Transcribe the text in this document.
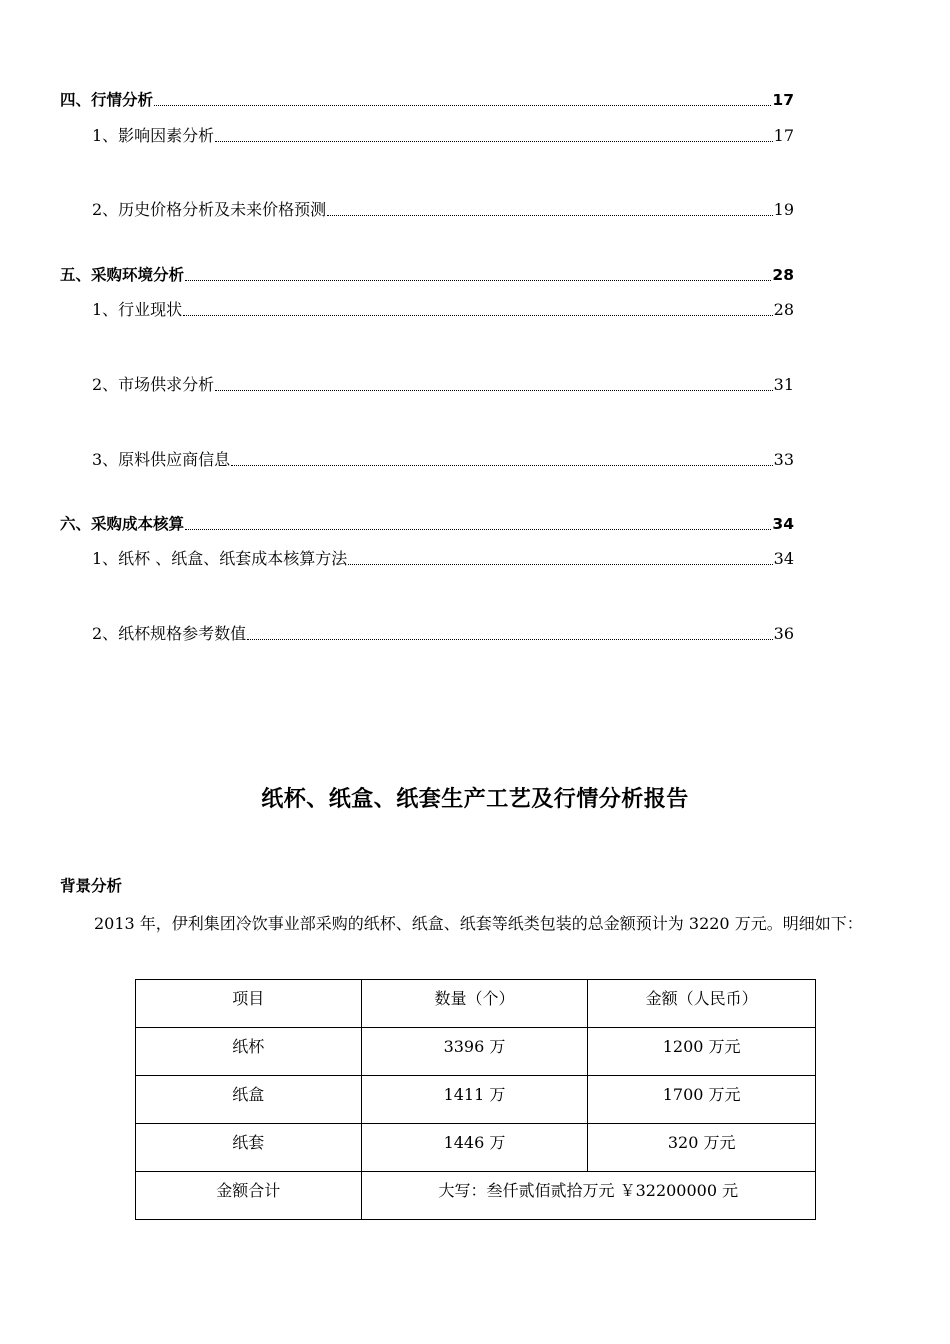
四、行情分析	17
1、影响因素分析	17
2、历史价格分析及未来价格预测	19
五、采购环境分析	28
1、行业现状	28
2、市场供求分析	31
3、原料供应商信息	33
六、采购成本核算	34
1、纸杯 、纸盒、纸套成本核算方法	34
2、纸杯规格参考数值	36
纸杯、纸盒、纸套生产工艺及行情分析报告
背景分析

2013 年，伊利集团冷饮事业部采购的纸杯、纸盒、纸套等纸类包装的总金额预计为 3220 万元。明细如下：

项目	数量（个）	金额（人民币）
纸杯	3396 万	1200 万元
纸盒	1411 万	1700 万元
纸套	1446 万	320 万元
金额合计	大写：叁仟贰佰贰拾万元 ￥32200000 元	
